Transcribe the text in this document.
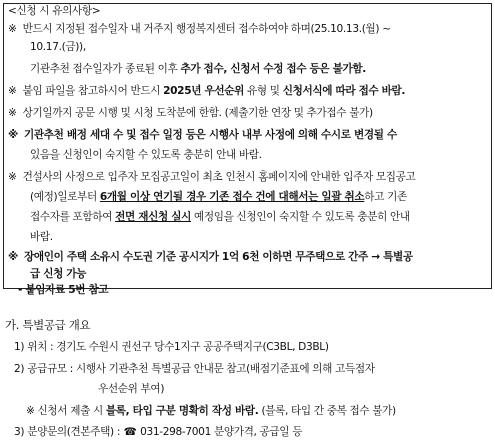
<신청 시 유의사항>
※ 반드시 지정된 접수일자 내 거주지 행정복지센터 접수하여야 하며(25.10.13.(월) ~
10.17.(금)),
기관추천 접수일자가 종료된 이후 추가 접수, 신청서 수정 접수 등은 불가함.
※ 붙임 파일을 참고하시어 반드시 2025년 우선순위 유형 및 신청서식에 따라 접수 바람.
※ 상기일까지 공문 시행 및 시청 도착분에 한함. (제출기한 연장 및 추가접수 불가)
※ 기관추천 배정 세대 수 및 접수 일정 등은 시행사 내부 사정에 의해 수시로 변경될 수
있음을 신청인이 숙지할 수 있도록 충분히 안내 바람.
※ 건설사의 사정으로 입주자 모집공고일이 최초 인천시 홈페이지에 안내한 입주자 모집공고
(예정)일로부터 6개월 이상 연기될 경우 기존 접수 건에 대해서는 일괄 취소하고 기존
접수자를 포함하여 전면 재신청 실시 예정임을 신청인이 숙지할 수 있도록 충분히 안내
바람.
※ 장애인이 주택 소유시 수도권 기준 공시지가 1억 6천 이하면 무주택으로 간주 → 특별공
급 신청 가능
- 붙임자료 5번 참고
가. 특별공급 개요
1) 위치 : 경기도 수원시 권선구 당수1지구 공공주택지구(C3BL, D3BL)
2) 공급규모 : 시행사 기관추천 특별공급 안내문 참고(배점기준표에 의해 고득점자
우선순위 부여)
※ 신청서 제출 시 블록, 타입 구분 명확히 작성 바람. (블록, 타입 간 중복 접수 불가)
3) 분양문의(견본주택) : ☎ 031-298-7001 분양가격, 공급일 등
